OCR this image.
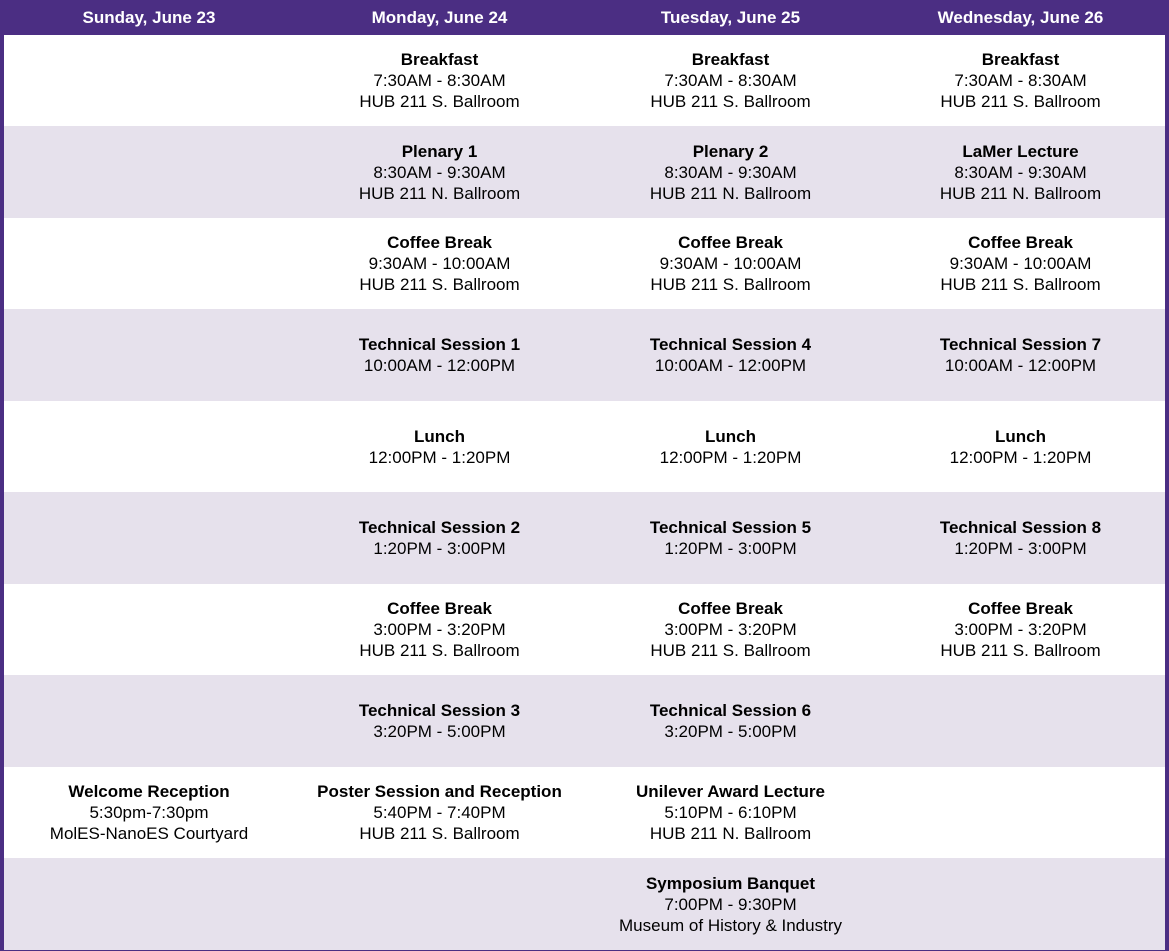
Sunday, June 23	Monday, June 24	Tuesday, June 25	Wednesday, June 26

	Breakfast
7:30AM - 8:30AM
HUB 211 S. Ballroom	Breakfast
7:30AM - 8:30AM
HUB 211 S. Ballroom	Breakfast
7:30AM - 8:30AM
HUB 211 S. Ballroom

	Plenary 1
8:30AM - 9:30AM
HUB 211 N. Ballroom	Plenary 2
8:30AM - 9:30AM
HUB 211 N. Ballroom	LaMer Lecture
8:30AM - 9:30AM
HUB 211 N. Ballroom

	Coffee Break
9:30AM - 10:00AM
HUB 211 S. Ballroom	Coffee Break
9:30AM - 10:00AM
HUB 211 S. Ballroom	Coffee Break
9:30AM - 10:00AM
HUB 211 S. Ballroom

	Technical Session 1
10:00AM - 12:00PM	Technical Session 4
10:00AM - 12:00PM	Technical Session 7
10:00AM - 12:00PM

	Lunch
12:00PM - 1:20PM	Lunch
12:00PM - 1:20PM	Lunch
12:00PM - 1:20PM

	Technical Session 2
1:20PM - 3:00PM	Technical Session 5
1:20PM - 3:00PM	Technical Session 8
1:20PM - 3:00PM

	Coffee Break
3:00PM - 3:20PM
HUB 211 S. Ballroom	Coffee Break
3:00PM - 3:20PM
HUB 211 S. Ballroom	Coffee Break
3:00PM - 3:20PM
HUB 211 S. Ballroom

	Technical Session 3
3:20PM - 5:00PM	Technical Session 6
3:20PM - 5:00PM	

Welcome Reception
5:30pm-7:30pm
MolES-NanoES Courtyard	Poster Session and Reception
5:40PM - 7:40PM
HUB 211 S. Ballroom	Unilever Award Lecture
5:10PM - 6:10PM
HUB 211 N. Ballroom	

		Symposium Banquet
7:00PM - 9:30PM
Museum of History & Industry	
